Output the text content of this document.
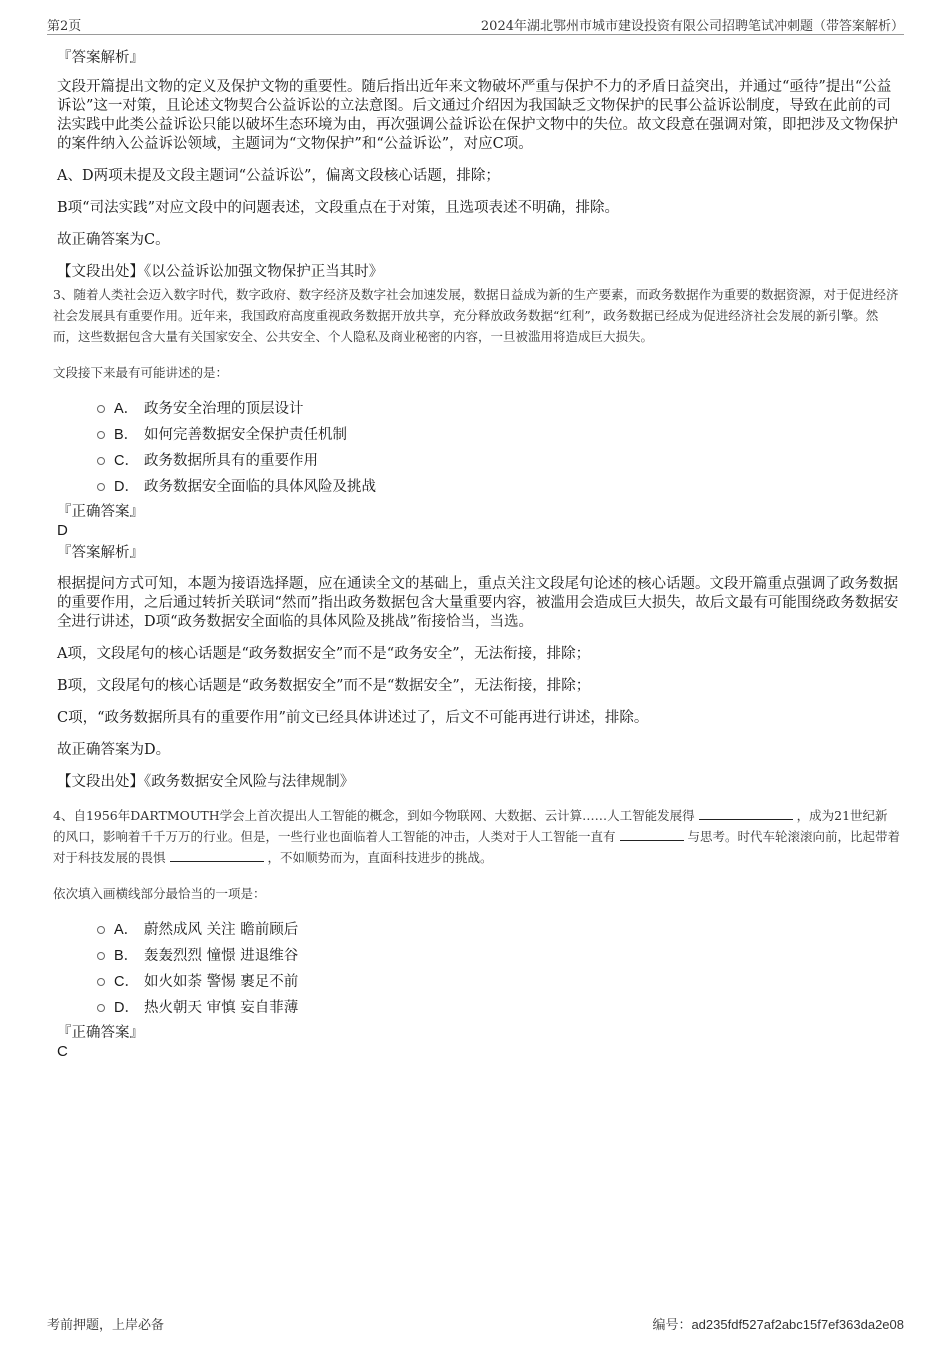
第2页	2024年湖北鄂州市城市建设投资有限公司招聘笔试冲刺题（带答案解析）
『答案解析』
文段开篇提出文物的定义及保护文物的重要性。随后指出近年来文物破坏严重与保护不力的矛盾日益突出，并通过“亟待”提出“公益诉讼”这一对策，且论述文物契合公益诉讼的立法意图。后文通过介绍因为我国缺乏文物保护的民事公益诉讼制度，导致在此前的司法实践中此类公益诉讼只能以破坏生态环境为由，再次强调公益诉讼在保护文物中的失位。故文段意在强调对策，即把涉及文物保护的案件纳入公益诉讼领域，主题词为“文物保护”和“公益诉讼”，对应C项。
A、D两项未提及文段主题词“公益诉讼”，偏离文段核心话题，排除；
B项“司法实践”对应文段中的问题表述，文段重点在于对策，且选项表述不明确，排除。
故正确答案为C。
【文段出处】《以公益诉讼加强文物保护正当其时》
3、随着人类社会迈入数字时代，数字政府、数字经济及数字社会加速发展，数据日益成为新的生产要素，而政务数据作为重要的数据资源，对于促进经济社会发展具有重要作用。近年来，我国政府高度重视政务数据开放共享，充分释放政务数据“红利”，政务数据已经成为促进经济社会发展的新引擎。然而，这些数据包含大量有关国家安全、公共安全、个人隐私及商业秘密的内容，一旦被滥用将造成巨大损失。
文段接下来最有可能讲述的是：
A． 政务安全治理的顶层设计
B． 如何完善数据安全保护责任机制
C． 政务数据所具有的重要作用
D． 政务数据安全面临的具体风险及挑战
『正确答案』
D
『答案解析』
根据提问方式可知，本题为接语选择题，应在通读全文的基础上，重点关注文段尾句论述的核心话题。文段开篇重点强调了政务数据的重要作用，之后通过转折关联词“然而”指出政务数据包含大量重要内容，被滥用会造成巨大损失，故后文最有可能围绕政务数据安全进行讲述，D项“政务数据安全面临的具体风险及挑战”衔接恰当，当选。
A项，文段尾句的核心话题是“政务数据安全”而不是“政务安全”，无法衔接，排除；
B项，文段尾句的核心话题是“政务数据安全”而不是“数据安全”，无法衔接，排除；
C项，“政务数据所具有的重要作用”前文已经具体讲述过了，后文不可能再进行讲述，排除。
故正确答案为D。
【文段出处】《政务数据安全风险与法律规制》
4、自1956年DARTMOUTH学会上首次提出人工智能的概念，到如今物联网、大数据、云计算……人工智能发展得	，成为21世纪新的风口，影响着千千万万的行业。但是，一些行业也面临着人工智能的冲击，人类对于人工智能一直有	与思考。时代车轮滚滚向前，比起带着对于科技发展的畏惧	，不如顺势而为，直面科技进步的挑战。
依次填入画横线部分最恰当的一项是：
A． 蔚然成风 关注 瞻前顾后
B． 轰轰烈烈 憧憬 进退维谷
C． 如火如荼 警惕 裹足不前
D． 热火朝天 审慎 妄自菲薄
『正确答案』
C
考前押题，上岸必备	编号：ad235fdf527af2abc15f7ef363da2e08
